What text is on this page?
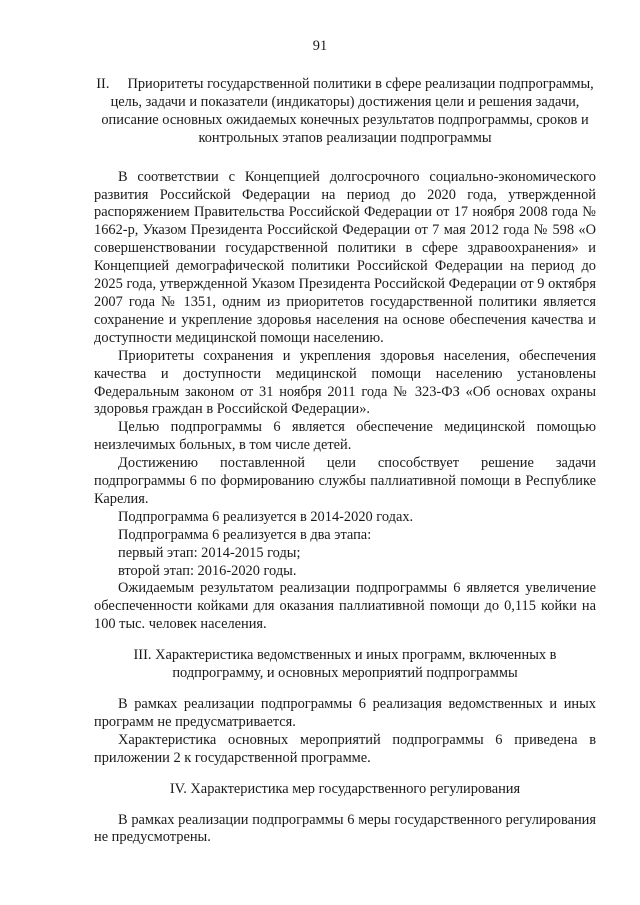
91
II. Приоритеты государственной политики в сфере реализации подпрограммы, цель, задачи и показатели (индикаторы) достижения цели и решения задачи, описание основных ожидаемых конечных результатов подпрограммы, сроков и контрольных этапов реализации подпрограммы

В соответствии с Концепцией долгосрочного социально-экономического развития Российской Федерации на период до 2020 года, утвержденной распоряжением Правительства Российской Федерации от 17 ноября 2008 года № 1662-р, Указом Президента Российской Федерации от 7 мая 2012 года № 598 «О совершенствовании государственной политики в сфере здравоохранения» и Концепцией демографической политики Российской Федерации на период до 2025 года, утвержденной Указом Президента Российской Федерации от 9 октября 2007 года № 1351, одним из приоритетов государственной политики является сохранение и укрепление здоровья населения на основе обеспечения качества и доступности медицинской помощи населению.

Приоритеты сохранения и укрепления здоровья населения, обеспечения качества и доступности медицинской помощи населению установлены Федеральным законом от 31 ноября 2011 года № 323-ФЗ «Об основах охраны здоровья граждан в Российской Федерации».

Целью подпрограммы 6 является обеспечение медицинской помощью неизлечимых больных, в том числе детей.

Достижению поставленной цели способствует решение задачи подпрограммы 6 по формированию службы паллиативной помощи в Республике Карелия.

Подпрограмма 6 реализуется в 2014-2020 годах.

Подпрограмма 6 реализуется в два этапа:

первый этап: 2014-2015 годы;

второй этап: 2016-2020 годы.

Ожидаемым результатом реализации подпрограммы 6 является увеличение обеспеченности койками для оказания паллиативной помощи до 0,115 койки на 100 тыс. человек населения.

III. Характеристика ведомственных и иных программ, включенных в
подпрограмму, и основных мероприятий подпрограммы

В рамках реализации подпрограммы 6 реализация ведомственных и иных программ не предусматривается.

Характеристика основных мероприятий подпрограммы 6 приведена в приложении 2 к государственной программе.

IV. Характеристика мер государственного регулирования

В рамках реализации подпрограммы 6 меры государственного регулирования не предусмотрены.
